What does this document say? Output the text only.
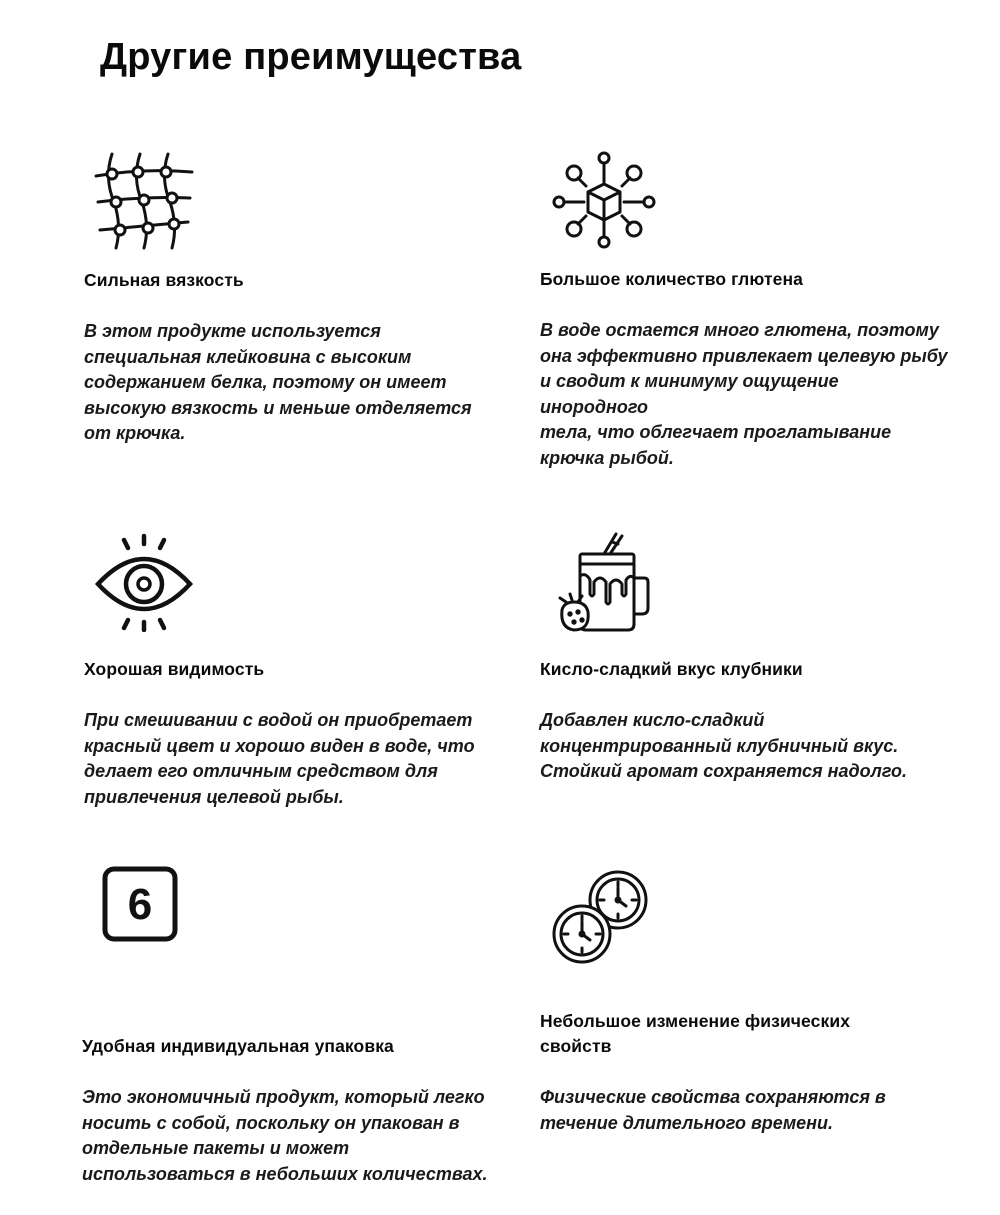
Другие преимущества
Сильная вязкость

В этом продукте используется
специальная клейковина с высоким
содержанием белка, поэтому он имеет
высокую вязкость и меньше отделяется
от крючка.

Большое количество глютена

В воде остается много глютена, поэтому
она эффективно привлекает целевую рыбу
и сводит к минимуму ощущение
инородного
тела, что облегчает проглатывание
крючка рыбой.

Хорошая видимость

При смешивании с водой он приобретает
красный цвет и хорошо виден в воде, что
делает его отличным средством для
привлечения целевой рыбы.

Кисло-сладкий вкус клубники

Добавлен кисло-сладкий
концентрированный клубничный вкус.
Стойкий аромат сохраняется надолго.

6
Удобная индивидуальная упаковка

Это экономичный продукт, который легко
носить с собой, поскольку он упакован в
отдельные пакеты и может
использоваться в небольших количествах.

Небольшое изменение физических
свойств

Физические свойства сохраняются в
течение длительного времени.
